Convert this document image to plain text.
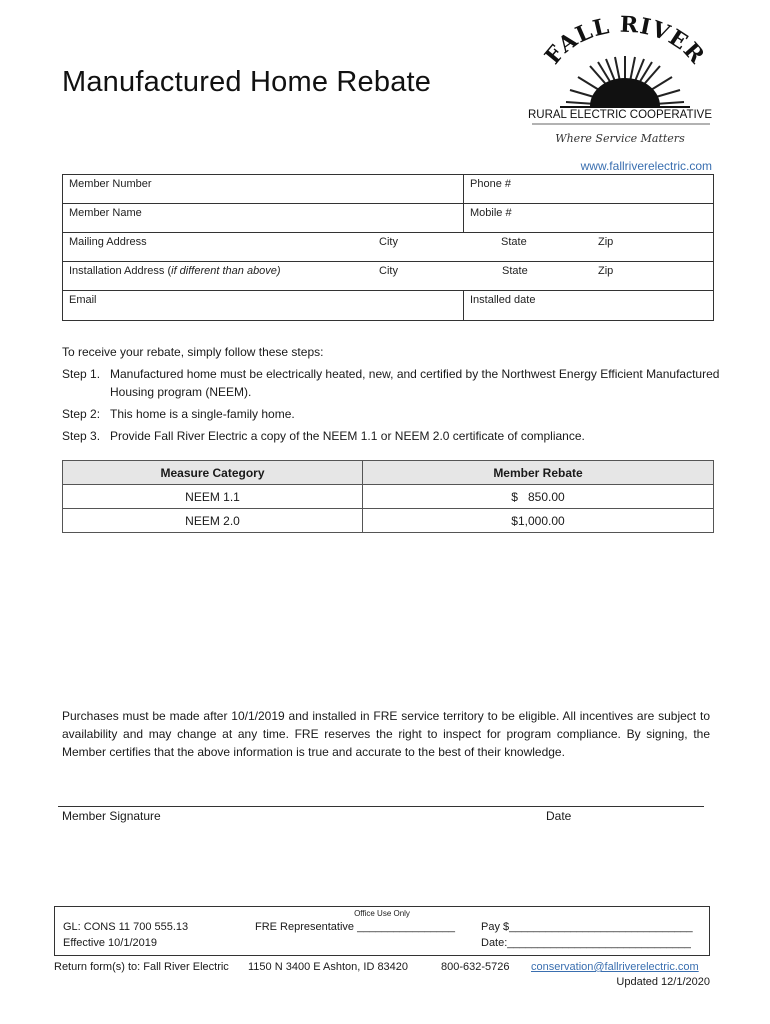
Manufactured Home Rebate
FALL RIVER
RURAL ELECTRIC COOPERATIVE
Where Service Matters
www.fallriverelectric.com
Member Number	Phone #
Member Name	Mobile #
Mailing Address City State Zip	

Installation Address (if different than above) City State Zip	

Email	Installed date
To receive your rebate, simply follow these steps:
Step 1. Manufactured home must be electrically heated, new, and certified by the Northwest Energy Efficient Manufactured Housing program (NEEM).
Step 2: This home is a single-family home.
Step 3. Provide Fall River Electric a copy of the NEEM 1.1 or NEEM 2.0 certificate of compliance.
Measure Category	Member Rebate
NEEM 1.1	$   850.00
NEEM 2.0	$1,000.00
Purchases must be made after 10/1/2019 and installed in FRE service territory to be eligible. All incentives are subject to availability and may change at any time. FRE reserves the right to inspect for program compliance. By signing, the Member certifies that the above information is true and accurate to the best of their knowledge.
Member Signature	Date
Office Use Only
GL: CONS 11 700 555.13
Effective 10/1/2019
FRE Representative ________________ Pay $______________________________
Date:______________________________
Return form(s) to: Fall River Electric 1150 N 3400 E Ashton, ID 83420	800-632-5726 conservation@fallriverelectric.com
Updated 12/1/2020
